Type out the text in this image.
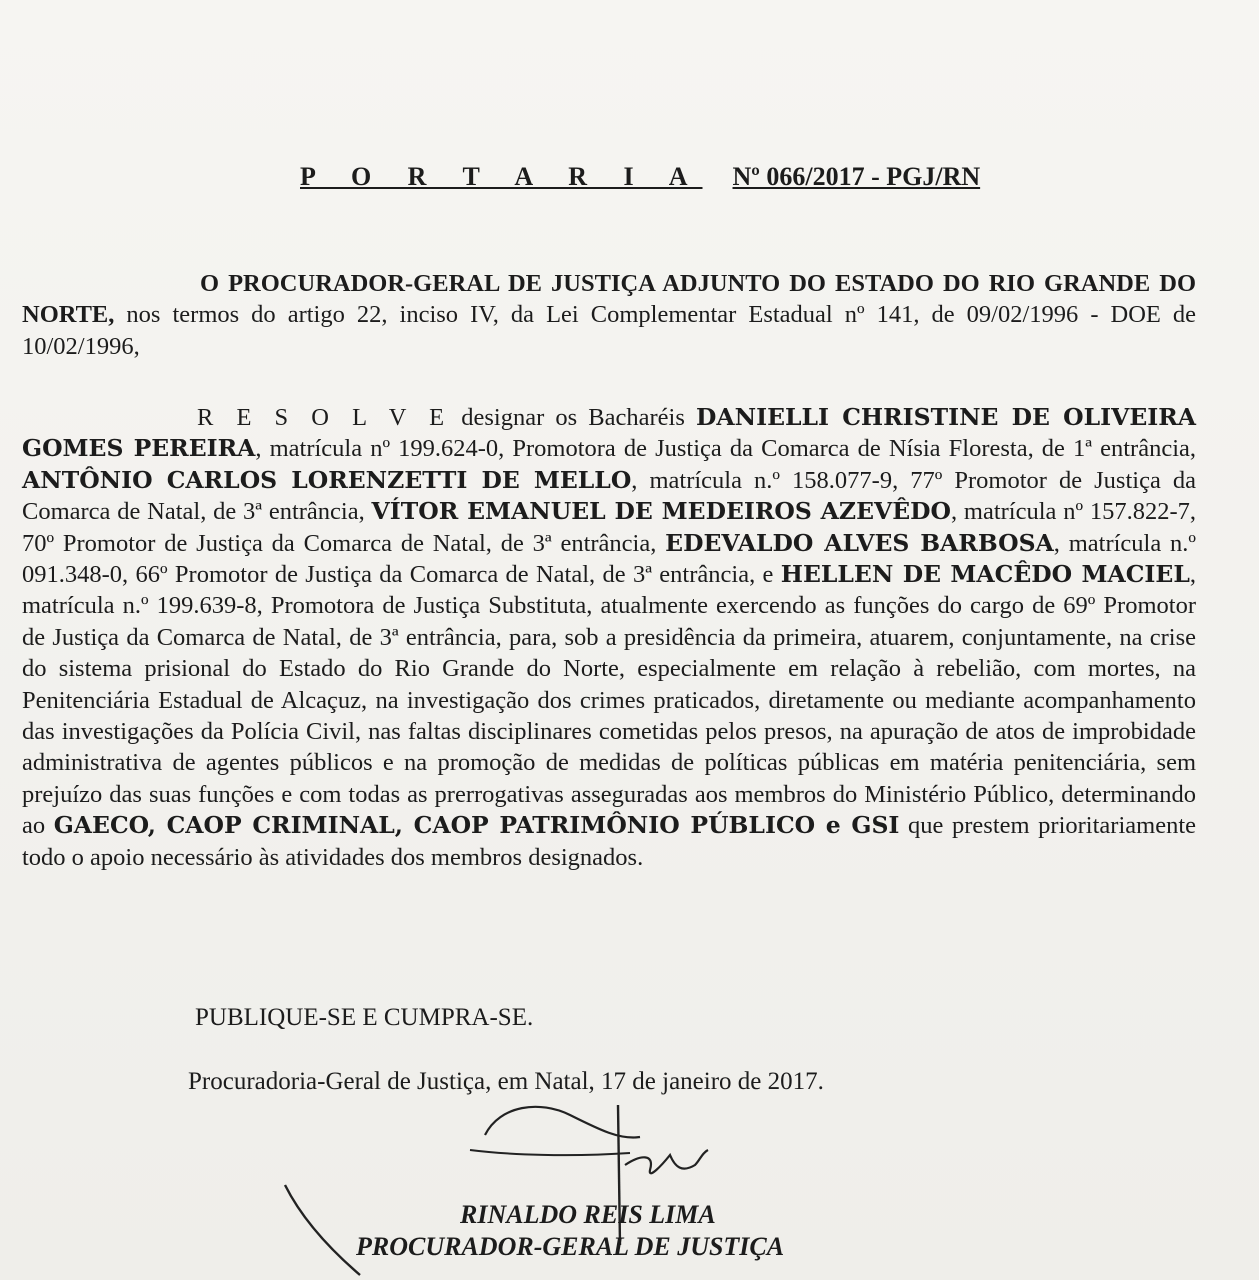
P O R T A R I A Nº 066/2017 - PGJ/RN
O PROCURADOR-GERAL DE JUSTIÇA ADJUNTO DO ESTADO DO RIO GRANDE DO NORTE, nos termos do artigo 22, inciso IV, da Lei Complementar Estadual nº 141, de 09/02/1996 - DOE de 10/02/1996,
R E S O L V E designar os Bacharéis DANIELLI CHRISTINE DE OLIVEIRA GOMES PEREIRA, matrícula nº 199.624-0, Promotora de Justiça da Comarca de Nísia Floresta, de 1ª entrância, ANTÔNIO CARLOS LORENZETTI DE MELLO, matrícula n.º 158.077-9, 77º Promotor de Justiça da Comarca de Natal, de 3ª entrância, VÍTOR EMANUEL DE MEDEIROS AZEVÊDO, matrícula nº 157.822-7, 70º Promotor de Justiça da Comarca de Natal, de 3ª entrância, EDEVALDO ALVES BARBOSA, matrícula n.º 091.348-0, 66º Promotor de Justiça da Comarca de Natal, de 3ª entrância, e HELLEN DE MACÊDO MACIEL, matrícula n.º 199.639-8, Promotora de Justiça Substituta, atualmente exercendo as funções do cargo de 69º Promotor de Justiça da Comarca de Natal, de 3ª entrância, para, sob a presidência da primeira, atuarem, conjuntamente, na crise do sistema prisional do Estado do Rio Grande do Norte, especialmente em relação à rebelião, com mortes, na Penitenciária Estadual de Alcaçuz, na investigação dos crimes praticados, diretamente ou mediante acompanhamento das investigações da Polícia Civil, nas faltas disciplinares cometidas pelos presos, na apuração de atos de improbidade administrativa de agentes públicos e na promoção de medidas de políticas públicas em matéria penitenciária, sem prejuízo das suas funções e com todas as prerrogativas asseguradas aos membros do Ministério Público, determinando ao GAECO, CAOP CRIMINAL, CAOP PATRIMÔNIO PÚBLICO e GSI que prestem prioritariamente todo o apoio necessário às atividades dos membros designados.
PUBLIQUE-SE E CUMPRA-SE.
Procuradoria-Geral de Justiça, em Natal, 17 de janeiro de 2017.
RINALDO REIS LIMA
PROCURADOR-GERAL DE JUSTIÇA
